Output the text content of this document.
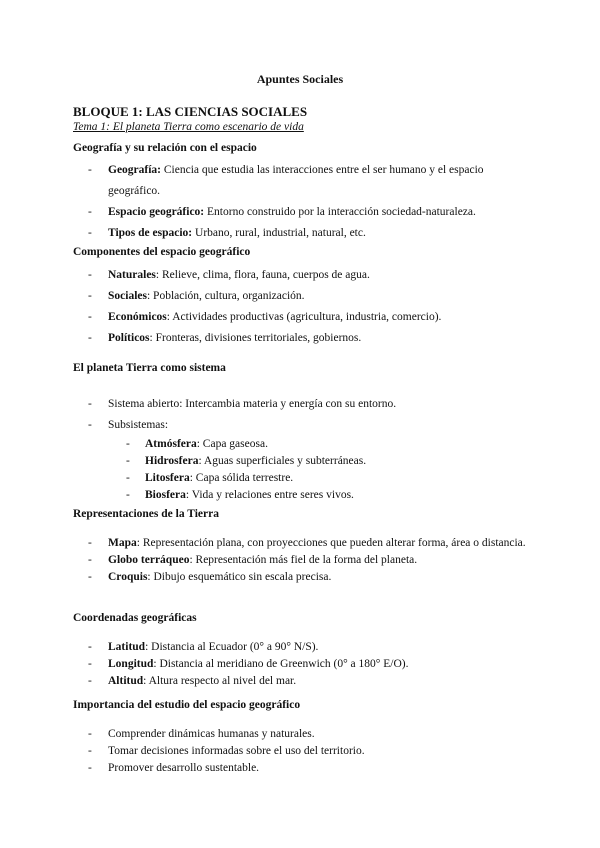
Apuntes Sociales
BLOQUE 1: LAS CIENCIAS SOCIALES
Tema 1: El planeta Tierra como escenario de vida
Geografía y su relación con el espacio
- Geografía: Ciencia que estudia las interacciones entre el ser humano y el espacio geográfico.
- Espacio geográfico: Entorno construido por la interacción sociedad-naturaleza.
- Tipos de espacio: Urbano, rural, industrial, natural, etc.
Componentes del espacio geográfico
- Naturales: Relieve, clima, flora, fauna, cuerpos de agua.
- Sociales: Población, cultura, organización.
- Económicos: Actividades productivas (agricultura, industria, comercio).
- Políticos: Fronteras, divisiones territoriales, gobiernos.
El planeta Tierra como sistema
- Sistema abierto: Intercambia materia y energía con su entorno.
- Subsistemas:
- Atmósfera: Capa gaseosa.
- Hidrosfera: Aguas superficiales y subterráneas.
- Litosfera: Capa sólida terrestre.
- Biosfera: Vida y relaciones entre seres vivos.
Representaciones de la Tierra
- Mapa: Representación plana, con proyecciones que pueden alterar forma, área o distancia.
- Globo terráqueo: Representación más fiel de la forma del planeta.
- Croquis: Dibujo esquemático sin escala precisa.
Coordenadas geográficas
- Latitud: Distancia al Ecuador (0° a 90° N/S).
- Longitud: Distancia al meridiano de Greenwich (0° a 180° E/O).
- Altitud: Altura respecto al nivel del mar.
Importancia del estudio del espacio geográfico
- Comprender dinámicas humanas y naturales.
- Tomar decisiones informadas sobre el uso del territorio.
- Promover desarrollo sustentable.
